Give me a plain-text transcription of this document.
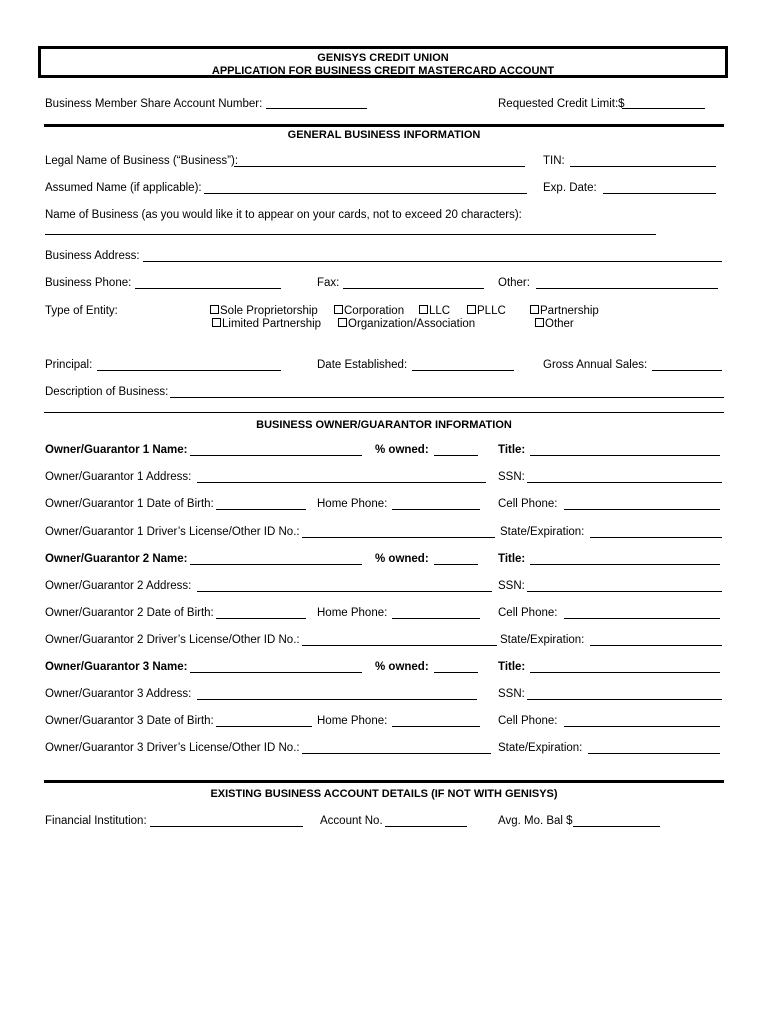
GENISYS CREDIT UNION
APPLICATION FOR BUSINESS CREDIT MASTERCARD ACCOUNT
Business Member Share Account Number:	Requested Credit Limit:$
GENERAL BUSINESS INFORMATION
Legal Name of Business (“Business”):	TIN:
Assumed Name (if applicable):	Exp. Date:
Name of Business (as you would like it to appear on your cards, not to exceed 20 characters):
Business Address:
Business Phone:	Fax:	Other:
Type of Entity:	Sole Proprietorship	Corporation	LLC	PLLC	Partnership
Limited Partnership	Organization/Association	Other
Principal:	Date Established:	Gross Annual Sales:
Description of Business:
BUSINESS OWNER/GUARANTOR INFORMATION
Owner/Guarantor 1 Name:	% owned:	Title:
Owner/Guarantor 1 Address:	SSN:
Owner/Guarantor 1 Date of Birth:	Home Phone:	Cell Phone:
Owner/Guarantor 1 Driver’s License/Other ID No.:	State/Expiration:
Owner/Guarantor 2 Name:	% owned:	Title:
Owner/Guarantor 2 Address:	SSN:
Owner/Guarantor 2 Date of Birth:	Home Phone:	Cell Phone:
Owner/Guarantor 2 Driver’s License/Other ID No.:	State/Expiration:
Owner/Guarantor 3 Name:	% owned:	Title:
Owner/Guarantor 3 Address:	SSN:
Owner/Guarantor 3 Date of Birth:	Home Phone:	Cell Phone:
Owner/Guarantor 3 Driver’s License/Other ID No.:	State/Expiration:
EXISTING BUSINESS ACCOUNT DETAILS (IF NOT WITH GENISYS)
Financial Institution:	Account No.	Avg. Mo. Bal $
